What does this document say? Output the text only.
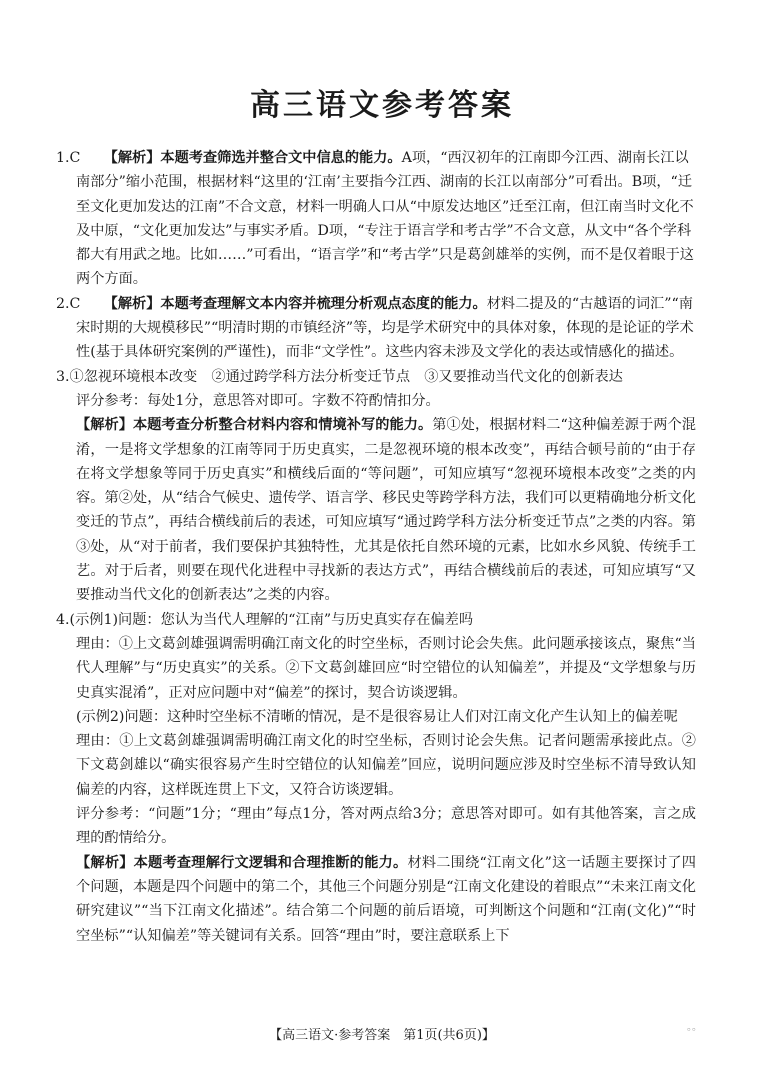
高三语文参考答案
1.C 　 【解析】本题考查筛选并整合文中信息的能力。A项，“西汉初年的江南即今江西、湖南长江以南部分”缩小范围，根据材料“这里的‘江南’主要指今江西、湖南的长江以南部分”可看出。B项，“迁至文化更加发达的江南”不合文意，材料一明确人口从“中原发达地区”迁至江南，但江南当时文化不及中原，“文化更加发达”与事实矛盾。D项，“专注于语言学和考古学”不合文意，从文中“各个学科都大有用武之地。比如……”可看出，“语言学”和“考古学”只是葛剑雄举的实例，而不是仅着眼于这两个方面。
2.C 　 【解析】本题考查理解文本内容并梳理分析观点态度的能力。材料二提及的“古越语的词汇”“南宋时期的大规模移民”“明清时期的市镇经济”等，均是学术研究中的具体对象，体现的是论证的学术性(基于具体研究案例的严谨性)，而非“文学性”。这些内容未涉及文学化的表达或情感化的描述。
3.①忽视环境根本改变　②通过跨学科方法分析变迁节点　③又要推动当代文化的创新表达
评分参考：每处1分，意思答对即可。字数不符酌情扣分。
【解析】本题考查分析整合材料内容和情境补写的能力。第①处，根据材料二“这种偏差源于两个混淆，一是将文学想象的江南等同于历史真实，二是忽视环境的根本改变”，再结合顿号前的“由于存在将文学想象等同于历史真实”和横线后面的“等问题”，可知应填写“忽视环境根本改变”之类的内容。第②处，从“结合气候史、遗传学、语言学、移民史等跨学科方法，我们可以更精确地分析文化变迁的节点”，再结合横线前后的表述，可知应填写“通过跨学科方法分析变迁节点”之类的内容。第③处，从“对于前者，我们要保护其独特性，尤其是依托自然环境的元素，比如水乡风貌、传统手工艺。对于后者，则要在现代化进程中寻找新的表达方式”，再结合横线前后的表述，可知应填写“又要推动当代文化的创新表达”之类的内容。
4.(示例1)问题：您认为当代人理解的“江南”与历史真实存在偏差吗
理由：①上文葛剑雄强调需明确江南文化的时空坐标，否则讨论会失焦。此问题承接该点，聚焦“当代人理解”与“历史真实”的关系。②下文葛剑雄回应“时空错位的认知偏差”，并提及“文学想象与历史真实混淆”，正对应问题中对“偏差”的探讨，契合访谈逻辑。
(示例2)问题：这种时空坐标不清晰的情况，是不是很容易让人们对江南文化产生认知上的偏差呢
理由：①上文葛剑雄强调需明确江南文化的时空坐标，否则讨论会失焦。记者问题需承接此点。②下文葛剑雄以“确实很容易产生时空错位的认知偏差”回应，说明问题应涉及时空坐标不清导致认知偏差的内容，这样既连贯上下文，又符合访谈逻辑。
评分参考：“问题”1分；“理由”每点1分，答对两点给3分；意思答对即可。如有其他答案，言之成理的酌情给分。
【解析】本题考查理解行文逻辑和合理推断的能力。材料二围绕“江南文化”这一话题主要探讨了四个问题，本题是四个问题中的第二个，其他三个问题分别是“江南文化建设的着眼点”“未来江南文化研究建议”“当下江南文化描述”。结合第二个问题的前后语境，可判断这个问题和“江南(文化)”“时空坐标”“认知偏差”等关键词有关系。回答“理由”时，要注意联系上下
【高三语文·参考答案　第1页(共6页)】
。。
